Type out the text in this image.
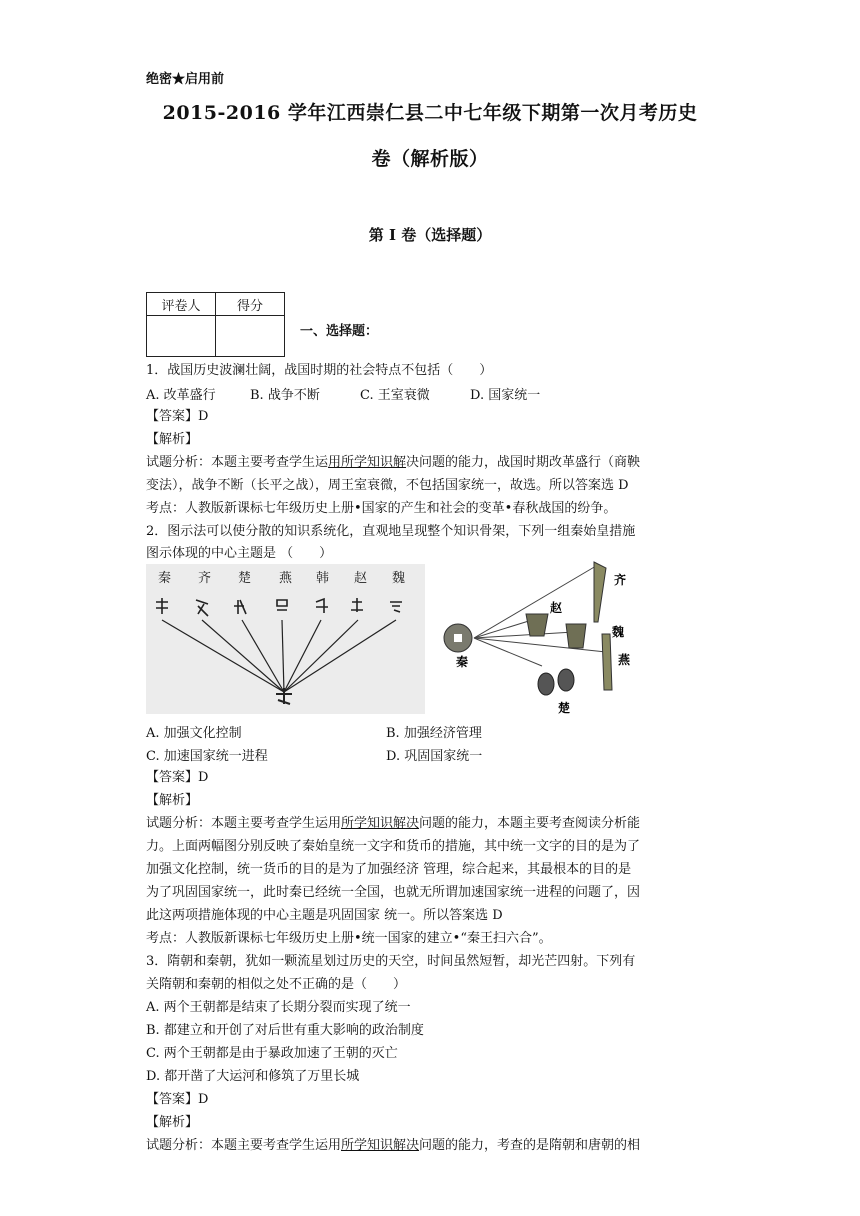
绝密★启用前
2015-2016 学年江西崇仁县二中七年级下期第一次月考历史
卷（解析版）
第 I 卷（选择题）
评卷人	得分

一、选择题：
1．战国历史波澜壮阔，战国时期的社会特点不包括（　　）
A. 改革盛行	B. 战争不断	C. 王室衰微	D. 国家统一
【答案】D
【解析】
试题分析：本题主要考查学生运用所学知识解决问题的能力，战国时期改革盛行（商鞅
变法），战争不断（长平之战），周王室衰微，不包括国家统一，故选。所以答案选 D
考点：人教版新课标七年级历史上册•国家的产生和社会的变革•春秋战国的纷争。
2．图示法可以使分散的知识系统化，直观地呈现整个知识骨架，下列一组秦始皇措施
图示体现的中心主题是 （　　）
秦 齐 楚 燕 韩 赵 魏
秦
齐
赵
魏
燕
楚
A. 加强文化控制	B. 加强经济管理
C. 加速国家统一进程	D. 巩固国家统一
【答案】D
【解析】
试题分析：本题主要考查学生运用所学知识解决问题的能力，本题主要考查阅读分析能
力。上面两幅图分别反映了秦始皇统一文字和货币的措施，其中统一文字的目的是为了
加强文化控制，统一货币的目的是为了加强经济 管理，综合起来，其最根本的目的是
为了巩固国家统一，此时秦已经统一全国，也就无所谓加速国家统一进程的问题了，因
此这两项措施体现的中心主题是巩固国家 统一。所以答案选 D
考点：人教版新课标七年级历史上册•统一国家的建立•“秦王扫六合”。
3．隋朝和秦朝，犹如一颗流星划过历史的天空，时间虽然短暂，却光芒四射。下列有
关隋朝和秦朝的相似之处不正确的是（　　）
A. 两个王朝都是结束了长期分裂而实现了统一
B. 都建立和开创了对后世有重大影响的政治制度
C. 两个王朝都是由于暴政加速了王朝的灭亡
D. 都开凿了大运河和修筑了万里长城
【答案】D
【解析】
试题分析：本题主要考查学生运用所学知识解决问题的能力，考查的是隋朝和唐朝的相
